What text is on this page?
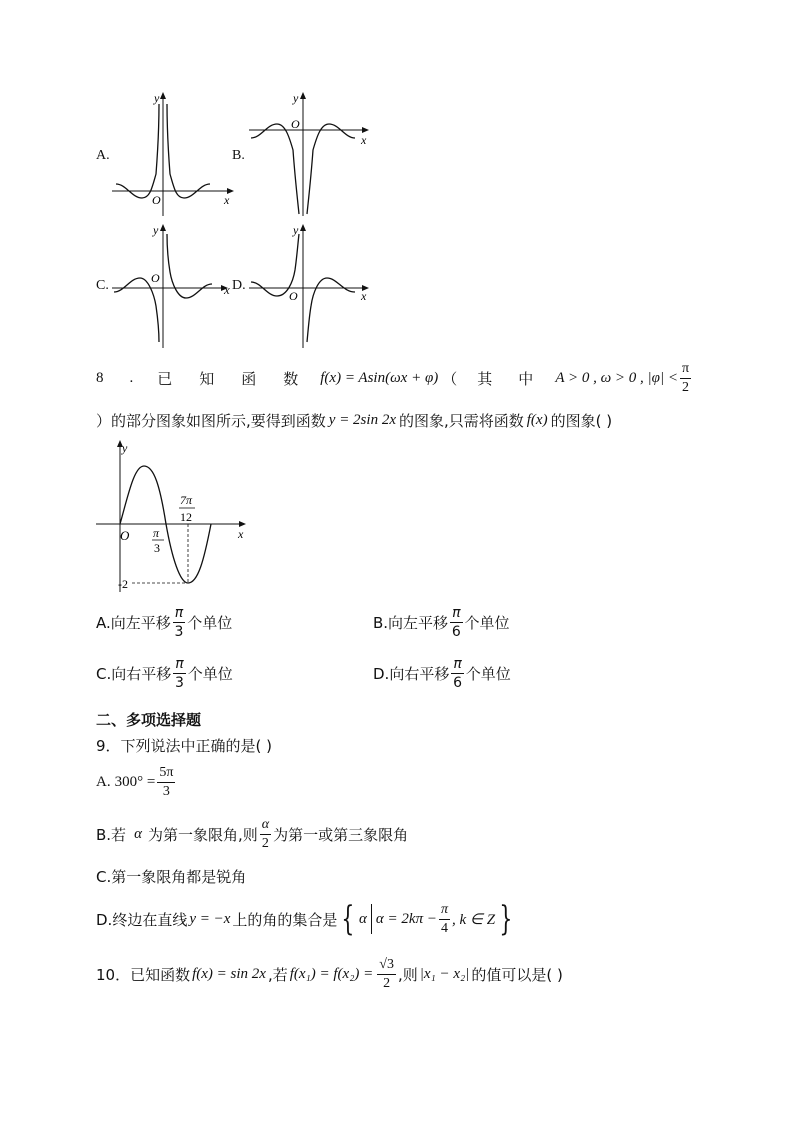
A.
y
x
O
B.
y
x
O
C.
y
O
x D.
y
x
O
8 . 已　知　函　数 f(x) = Asin(ωx + φ) （ 其 中 A > 0 , ω > 0 , $|\varphi| < \frac{\pi}{2}$
）的部分图象如图所示,要得到函数 y = 2sin 2x 的图象,只需将函数 f(x) 的图象( )
y
x
O
-2
π
3
7π
12
A.向左平移 $\frac{\pi}{3}$ 个单位	B.向左平移 $\frac{\pi}{6}$ 个单位
C.向右平移 $\frac{\pi}{3}$ 个单位	D.向右平移 $\frac{\pi}{6}$ 个单位
二、多项选择题
9．下列说法中正确的是( )
A. $300^\circ = \frac{5\pi}{3}$
B.若 α 为第一象限角,则 $\frac{\alpha}{2}$ 为第一或第三象限角
C.第一象限角都是锐角
D.终边在直线 y = −x 上的角的集合是 { α $\alpha = 2k\pi - \frac{\pi}{4}$ , k ∈ Z }
10．已知函数 f(x) = sin 2x ,若 $f(x_1) = f(x_2) = \frac{√3}{2}$ ,则 |x₁ − x₂| 的值可以是( )
